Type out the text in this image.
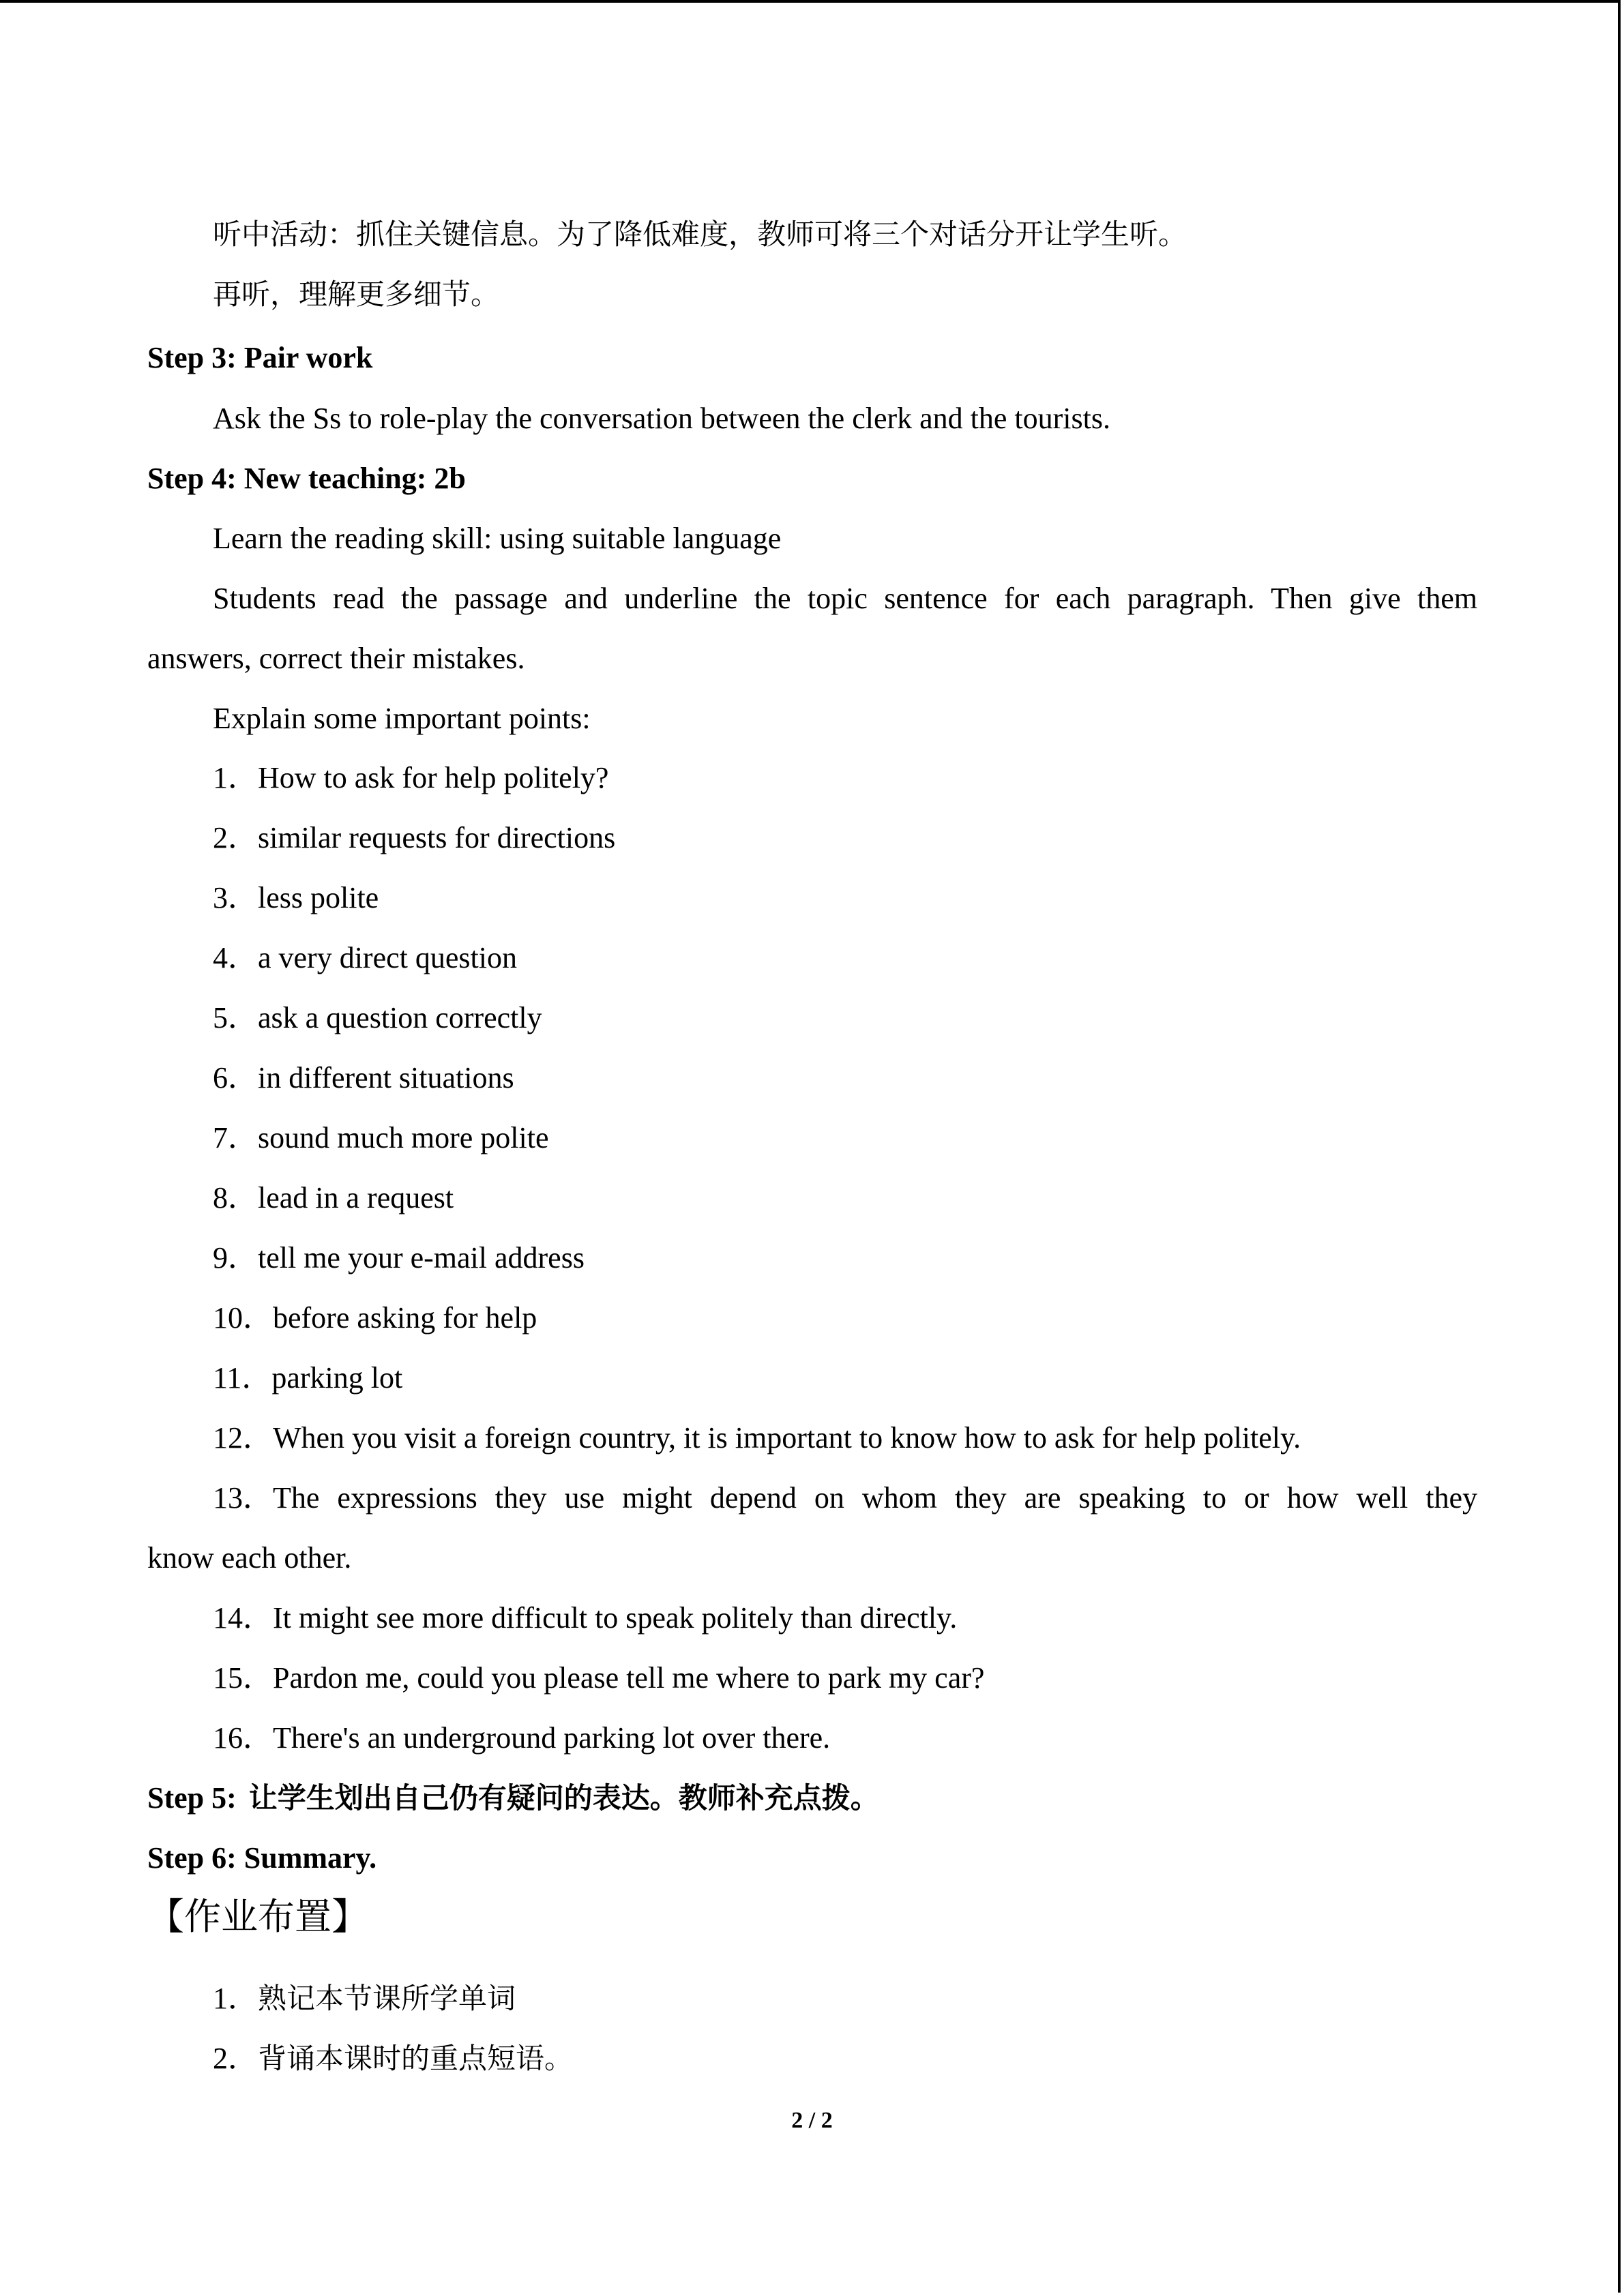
听中活动：抓住关键信息。为了降低难度，教师可将三个对话分开让学生听。
再听，理解更多细节。
Step 3: Pair work
Ask the Ss to role-play the conversation between the clerk and the tourists.
Step 4: New teaching: 2b
Learn the reading skill: using suitable language
Students read the passage and underline the topic sentence for each paragraph. Then give them
answers, correct their mistakes.
Explain some important points:
1．How to ask for help politely?
2．similar requests for directions
3．less polite
4．a very direct question
5．ask a question correctly
6．in different situations
7．sound much more polite
8．lead in a request
9．tell me your e-mail address
10．before asking for help
11．parking lot
12．When you visit a foreign country, it is important to know how to ask for help politely.
13．The expressions they use might depend on whom they are speaking to or how well they
know each other.
14．It might see more difficult to speak politely than directly.
15．Pardon me, could you please tell me where to park my car?
16．There's an underground parking lot over there.
Step 5: 让学生划出自己仍有疑问的表达。教师补充点拨。
Step 6: Summary.
【作业布置】
1．熟记本节课所学单词
2．背诵本课时的重点短语。
2 / 2
